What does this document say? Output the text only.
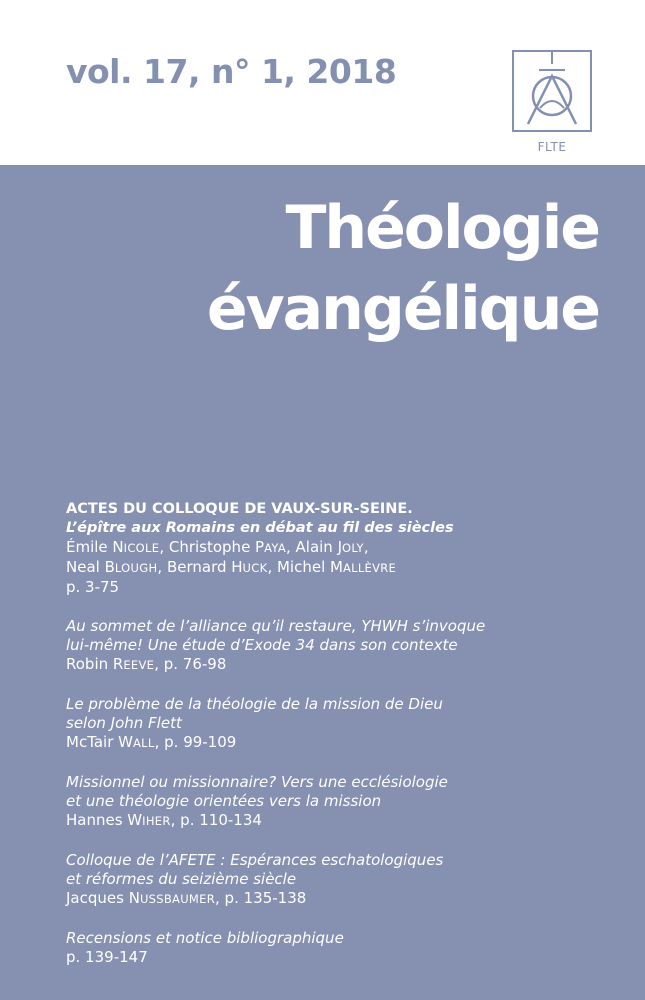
vol. 17, n° 1, 2018
FLTE
Théologie
évangélique
ACTES DU COLLOQUE DE VAUX-SUR-SEINE.
L’épître aux Romains en débat au fil des siècles
Émile NICOLE, Christophe PAYA, Alain JOLY,
Neal BLOUGH, Bernard HUCK, Michel MALLÈVRE
p. 3-75
Au sommet de l’alliance qu’il restaure, YHWH s’invoque
lui-même! Une étude d’Exode 34 dans son contexte
Robin REEVE, p. 76-98
Le problème de la théologie de la mission de Dieu
selon John Flett
McTair WALL, p. 99-109
Missionnel ou missionnaire? Vers une ecclésiologie
et une théologie orientées vers la mission
Hannes WIHER, p. 110-134
Colloque de l’AFETE : Espérances eschatologiques
et réformes du seizième siècle
Jacques NUSSBAUMER, p. 135-138
Recensions et notice bibliographique
p. 139-147
